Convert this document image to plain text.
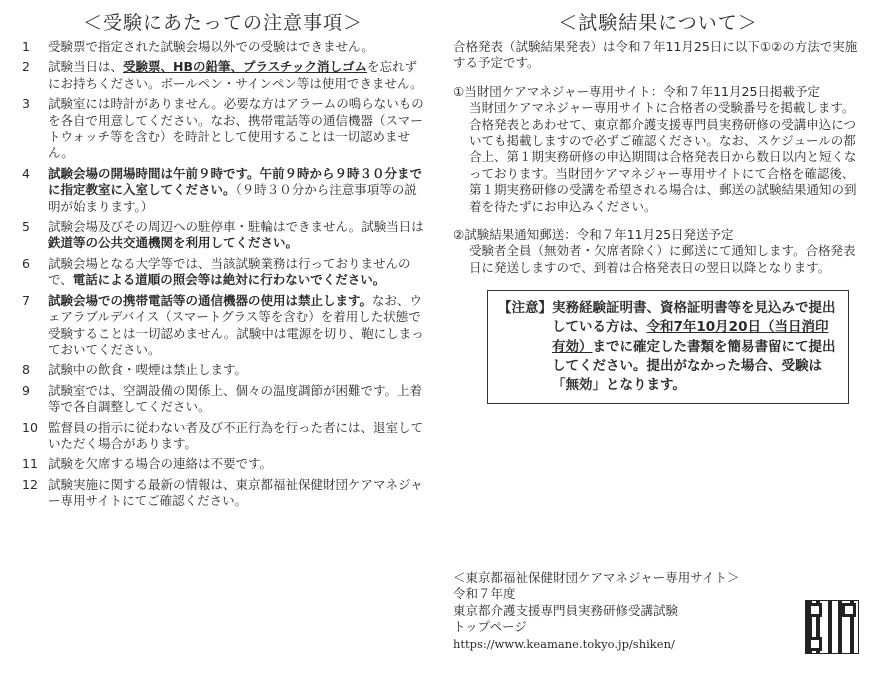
＜受験にあたっての注意事項＞
1	受験票で指定された試験会場以外での受験はできません。
2	試験当日は、受験票、HBの鉛筆、プラスチック消しゴムを忘れずにお持ちください。ボールペン・サインペン等は使用できません。
3	試験室には時計がありません。必要な方はアラームの鳴らないものを各自で用意してください。なお、携帯電話等の通信機器（スマートウォッチ等を含む）を時計として使用することは一切認めません。
4	試験会場の開場時間は午前９時です。午前９時から９時３０分までに指定教室に入室してください。（９時３０分から注意事項等の説明が始まります。）
5	試験会場及びその周辺への駐停車・駐輪はできません。試験当日は鉄道等の公共交通機関を利用してください。
6	試験会場となる大学等では、当該試験業務は行っておりませんので、電話による道順の照会等は絶対に行わないでください。
7	試験会場での携帯電話等の通信機器の使用は禁止します。なお、ウェアラブルデバイス（スマートグラス等を含む）を着用した状態で受験することは一切認めません。試験中は電源を切り、鞄にしまっておいてください。
8	試験中の飲食・喫煙は禁止します。
9	試験室では、空調設備の関係上、個々の温度調節が困難です。上着等で各自調整してください。
10 監督員の指示に従わない者及び不正行為を行った者には、退室していただく場合があります。
11 試験を欠席する場合の連絡は不要です。
12 試験実施に関する最新の情報は、東京都福祉保健財団ケアマネジャー専用サイトにてご確認ください。
＜試験結果について＞

合格発表（試験結果発表）は令和７年11月25日に以下①②の方法で実施する予定です。

①当財団ケアマネジャー専用サイト：令和７年11月25日掲載予定

当財団ケアマネジャー専用サイトに合格者の受験番号を掲載します。合格発表とあわせて、東京都介護支援専門員実務研修の受講申込についても掲載しますので必ずご確認ください。なお、スケジュールの都合上、第１期実務研修の申込期間は合格発表日から数日以内と短くなっております。当財団ケアマネジャー専用サイトにて合格を確認後、第１期実務研修の受講を希望される場合は、郵送の試験結果通知の到着を待たずにお申込みください。

②試験結果通知郵送：令和７年11月25日発送予定

受験者全員（無効者・欠席者除く）に郵送にて通知します。合格発表日に発送しますので、到着は合格発表日の翌日以降となります。

【注意】 実務経験証明書、資格証明書等を見込みで提出している方は、令和7年10月20日（当日消印有効）までに確定した書類を簡易書留にて提出してください。提出がなかった場合、受験は「無効」となります。
＜東京都福祉保健財団ケアマネジャー専用サイト＞
令和７年度
東京都介護支援専門員実務研修受講試験
トップページ
https://www.keamane.tokyo.jp/shiken/
